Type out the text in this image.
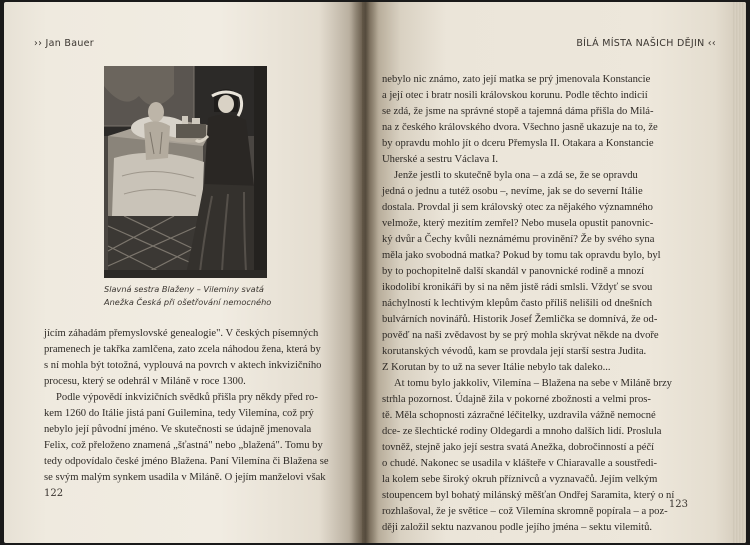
›› Jan Bauer
Slavná sestra Blaženy – Vileminy svatá
Anežka Česká při ošetřování nemocného
jícím záhadám přemyslovské genealogie". V českých písemných
pramenech je takřka zamlčena, zato zcela náhodou žena, která by
s ní mohla být totožná, vyplouvá na povrch v aktech inkvizičního
procesu, který se odehrál v Miláně v roce 1300.
Podle výpovědí inkvizičních svědků přišla pry někdy před ro-
kem 1260 do Itálie jistá paní Guilemina, tedy Vilemína, což prý
nebylo její původní jméno. Ve skutečnosti se údajně jmenovala
Felix, což přeloženo znamená „šťastná" nebo „blažená". Tomu by
tedy odpovídalo české jméno Blažena. Paní Vilemína či Blažena se
se svým malým synkem usadila v Miláně. O jejím manželovi však
122
BÍLÁ MÍSTA NAŠICH DĚJIN ‹‹
nebylo nic známo, zato její matka se prý jmenovala Konstancie
a její otec i bratr nosili královskou korunu. Podle těchto indicií
se zdá, že jsme na správné stopě a tajemná dáma přišla do Milá-
na z českého královského dvora. Všechno jasně ukazuje na to, že
by opravdu mohlo jít o dceru Přemysla II. Otakara a Konstancie
Uherské a sestru Václava I.
Jenže jestli to skutečně byla ona – a zdá se, že se opravdu
jedná o jednu a tutéž osobu –, nevíme, jak se do severní Itálie
dostala. Provdal ji sem královský otec za nějakého významného
velmože, který mezitím zemřel? Nebo musela opustit panovnic-
ký dvůr a Čechy kvůli neznámému provinění? Že by svého syna
měla jako svobodná matka? Pokud by tomu tak opravdu bylo, byl
by to pochopitelně další skandál v panovnické rodině a mnozí
ikodolibí kronikáři by si na něm jistě rádi smlsli. Vždyť se svou
náchylností k lechtivým klepům často příliš nelišili od dnešních
bulvárních novinářů. Historik Josef Žemlička se domnívá, že od-
pověď na naši zvědavost by se prý mohla skrývat někde na dvoře
korutanských vévodů, kam se provdala její starší sestra Judita.
Z Korutan by to už na sever Itálie nebylo tak daleko...
At tomu bylo jakkoliv, Vilemína – Blažena na sebe v Miláně brzy
strhla pozornost. Údajně žila v pokorné zbožnosti a velmi pros-
tě. Měla schopnosti zázračné léčitelky, uzdravila vážně nemocné
dce- ze šlechtické rodiny Oldegardi a mnoho dalších lidí. Proslula
tovněž, stejně jako její sestra svatá Anežka, dobročinností a péčí
o chudé. Nakonec se usadila v klášteře v Chiaravalle a soustředi-
la kolem sebe široký okruh příznivců a vyznavačů. Jejím velkým
stoupencem byl bohatý milánský měšťan Ondřej Saramita, který o ní
rozhlašoval, že je světice – což Vilemína skromně popírala – a poz-
ději založil sektu nazvanou podle jejího jména – sektu vilemitů.
123
